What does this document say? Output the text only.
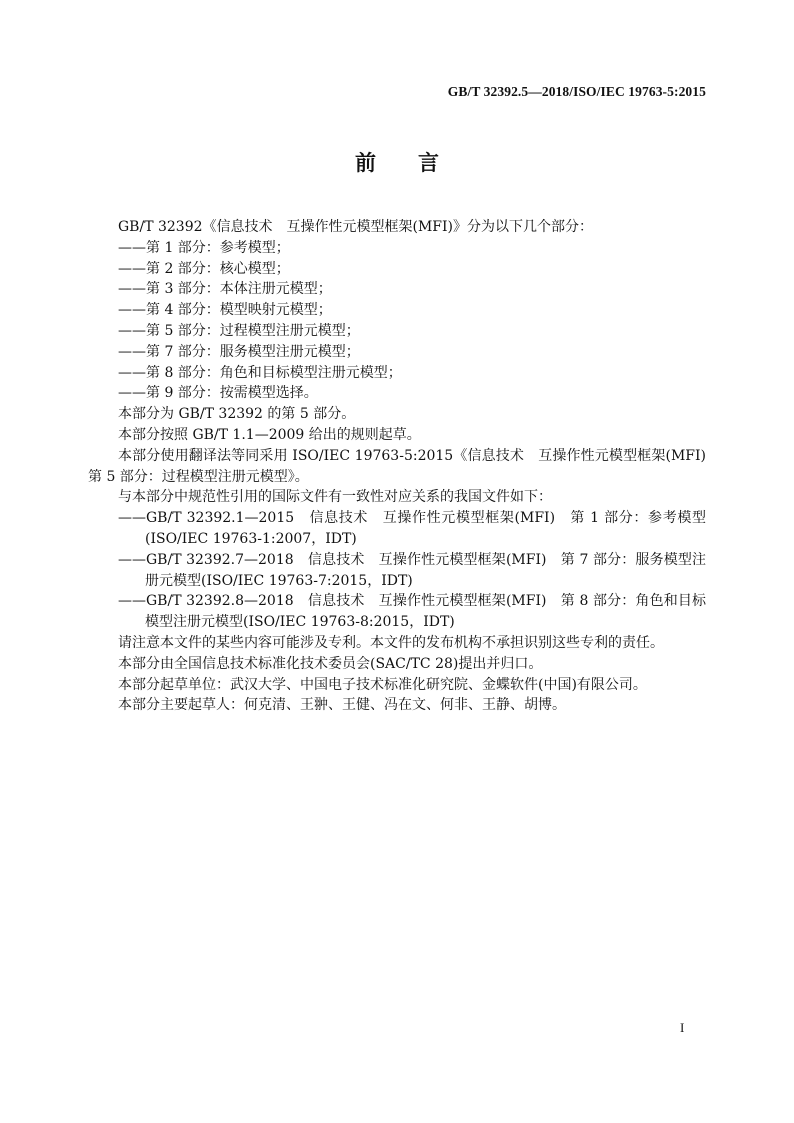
GB/T 32392.5—2018/ISO/IEC 19763-5:2015
前　　言

GB/T 32392《信息技术　互操作性元模型框架(MFI)》分为以下几个部分：

——第 1 部分：参考模型；

——第 2 部分：核心模型；

——第 3 部分：本体注册元模型；

——第 4 部分：模型映射元模型；

——第 5 部分：过程模型注册元模型；

——第 7 部分：服务模型注册元模型；

——第 8 部分：角色和目标模型注册元模型；

——第 9 部分：按需模型选择。

本部分为 GB/T 32392 的第 5 部分。

本部分按照 GB/T 1.1—2009 给出的规则起草。

本部分使用翻译法等同采用 ISO/IEC 19763-5:2015《信息技术　互操作性元模型框架(MFI)　第 5 部分：过程模型注册元模型》。

与本部分中规范性引用的国际文件有一致性对应关系的我国文件如下：

——GB/T 32392.1—2015　信息技术　互操作性元模型框架(MFI)　第 1 部分：参考模型(ISO/IEC 19763-1:2007，IDT)

——GB/T 32392.7—2018　信息技术　互操作性元模型框架(MFI)　第 7 部分：服务模型注册元模型(ISO/IEC 19763-7:2015，IDT)

——GB/T 32392.8—2018　信息技术　互操作性元模型框架(MFI)　第 8 部分：角色和目标模型注册元模型(ISO/IEC 19763-8:2015，IDT)

请注意本文件的某些内容可能涉及专利。本文件的发布机构不承担识别这些专利的责任。

本部分由全国信息技术标准化技术委员会(SAC/TC 28)提出并归口。

本部分起草单位：武汉大学、中国电子技术标准化研究院、金蝶软件(中国)有限公司。

本部分主要起草人：何克清、王翀、王健、冯在文、何非、王静、胡博。

I
